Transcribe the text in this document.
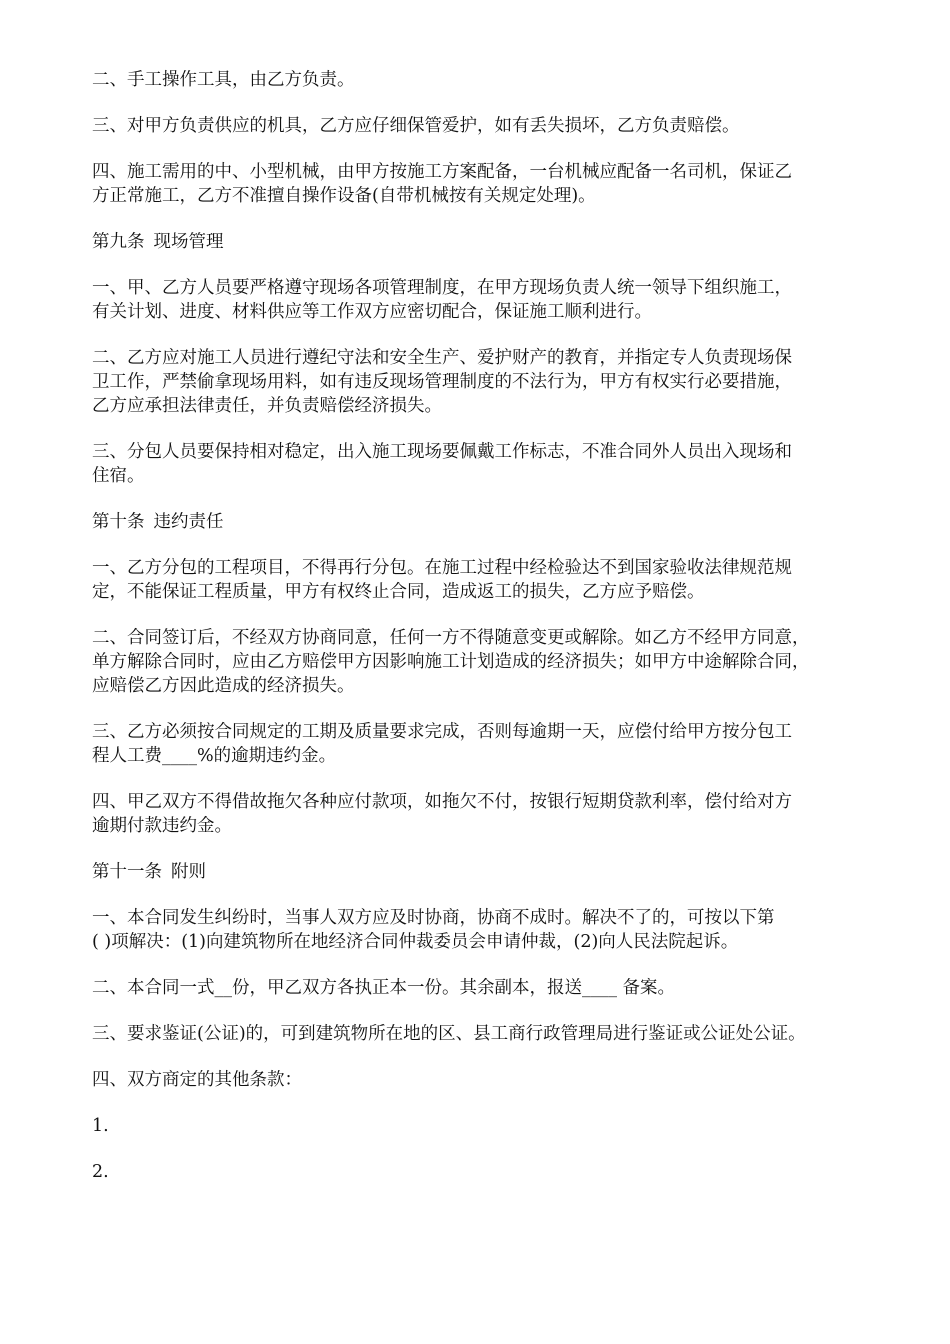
二、手工操作工具，由乙方负责。
三、对甲方负责供应的机具，乙方应仔细保管爱护，如有丢失损坏，乙方负责赔偿。
四、施工需用的中、小型机械，由甲方按施工方案配备，一台机械应配备一名司机，保证乙
方正常施工，乙方不准擅自操作设备(自带机械按有关规定处理)。
第九条 现场管理
一、甲、乙方人员要严格遵守现场各项管理制度，在甲方现场负责人统一领导下组织施工，
有关计划、进度、材料供应等工作双方应密切配合，保证施工顺利进行。
二、乙方应对施工人员进行遵纪守法和安全生产、爱护财产的教育，并指定专人负责现场保
卫工作，严禁偷拿现场用料，如有违反现场管理制度的不法行为，甲方有权实行必要措施，
乙方应承担法律责任，并负责赔偿经济损失。
三、分包人员要保持相对稳定，出入施工现场要佩戴工作标志，不准合同外人员出入现场和
住宿。
第十条 违约责任
一、乙方分包的工程项目，不得再行分包。在施工过程中经检验达不到国家验收法律规范规
定，不能保证工程质量，甲方有权终止合同，造成返工的损失，乙方应予赔偿。
二、合同签订后，不经双方协商同意，任何一方不得随意变更或解除。如乙方不经甲方同意，
单方解除合同时，应由乙方赔偿甲方因影响施工计划造成的经济损失；如甲方中途解除合同，
应赔偿乙方因此造成的经济损失。
三、乙方必须按合同规定的工期及质量要求完成，否则每逾期一天，应偿付给甲方按分包工
程人工费____%的逾期违约金。
四、甲乙双方不得借故拖欠各种应付款项，如拖欠不付，按银行短期贷款利率，偿付给对方
逾期付款违约金。
第十一条 附则
一、本合同发生纠纷时，当事人双方应及时协商，协商不成时。解决不了的，可按以下第
( )项解决：(1)向建筑物所在地经济合同仲裁委员会申请仲裁，(2)向人民法院起诉。
二、本合同一式__份，甲乙双方各执正本一份。其余副本，报送____ 备案。
三、要求鉴证(公证)的，可到建筑物所在地的区、县工商行政管理局进行鉴证或公证处公证。
四、双方商定的其他条款：
1.
2.
